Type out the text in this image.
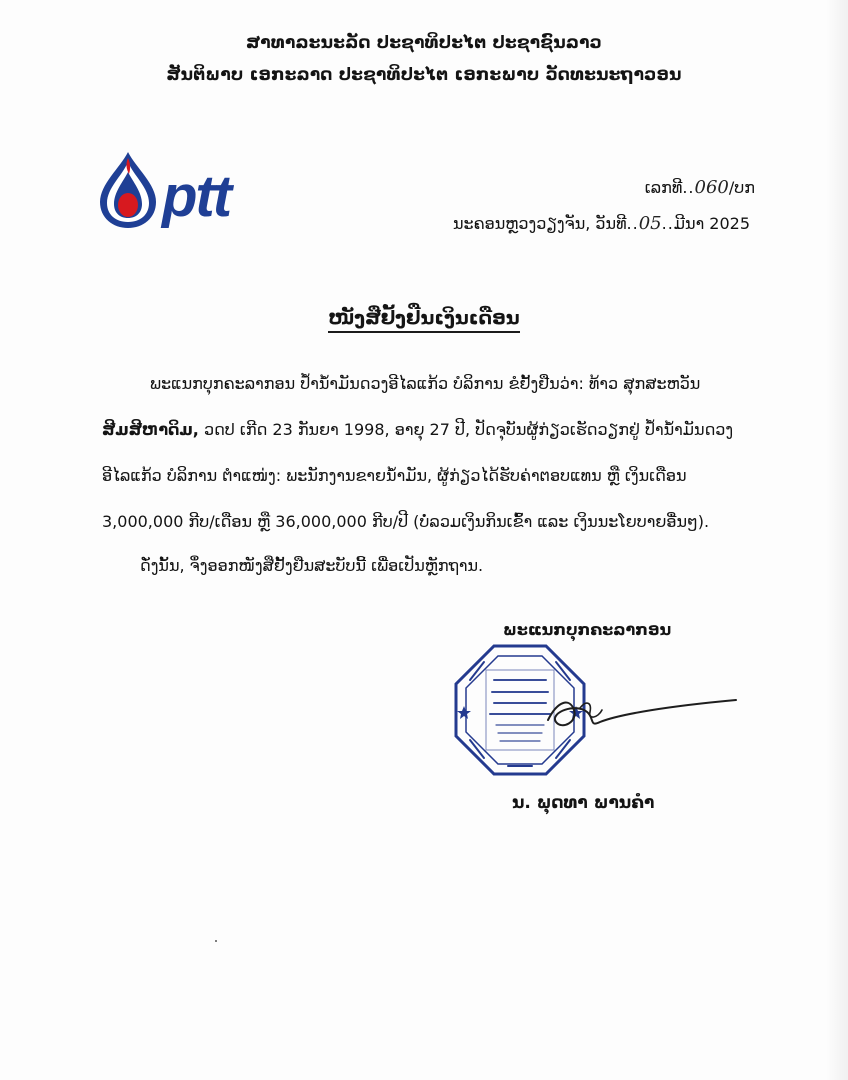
ສາທາລະນະລັດ ປະຊາທິປະໄຕ ປະຊາຊົນລາວ
ສັນຕິພາບ ເອກະລາດ ປະຊາທິປະໄຕ ເອກະພາບ ວັດທະນະຖາວອນ
ptt	ເລກທີ..060/ບກ
ນະຄອນຫຼວງວຽງຈັນ, ວັນທີ..05..ມີນາ 2025
ໜັງສືຢັ້ງຢືນເງິນເດືອນ
ພະແນກບຸກຄະລາກອນ ປ້ຳນ້ຳມັນດວງອີໄລແກ້ວ ບໍລິການ ຂໍຢັ້ງຢືນວ່າ: ທ້າວ ສຸກສະຫວັນ
ສີມສີຫາດິມ, ວດປ ເກີດ 23 ກັນຍາ 1998, ອາຍຸ 27 ປີ, ປັດຈຸບັນຜູ້ກ່ຽວເຮັດວຽກຢູ່ ປ້ຳນ້ຳມັນດວງ
ອີໄລແກ້ວ ບໍລິການ ຕຳແໜ່ງ: ພະນັກງານຂາຍນ້ຳມັນ, ຜູ້ກ່ຽວໄດ້ຮັບຄ່າຕອບແທນ ຫຼື ເງິນເດືອນ
3,000,000 ກີບ/ເດືອນ ຫຼື 36,000,000 ກີບ/ປີ (ບໍ່ລວມເງິນກິນເຂົ້າ ແລະ ເງິນນະໂຍບາຍອື່ນໆ).
ດັ່ງນັ້ນ, ຈຶ່ງອອກໜັງສືຢັ້ງຢືນສະບັບນີ້ ເພື່ອເປັນຫຼັກຖານ.
ພະແນກບຸກຄະລາກອນ
ນ. ພຸດທາ ພານຄຳ
